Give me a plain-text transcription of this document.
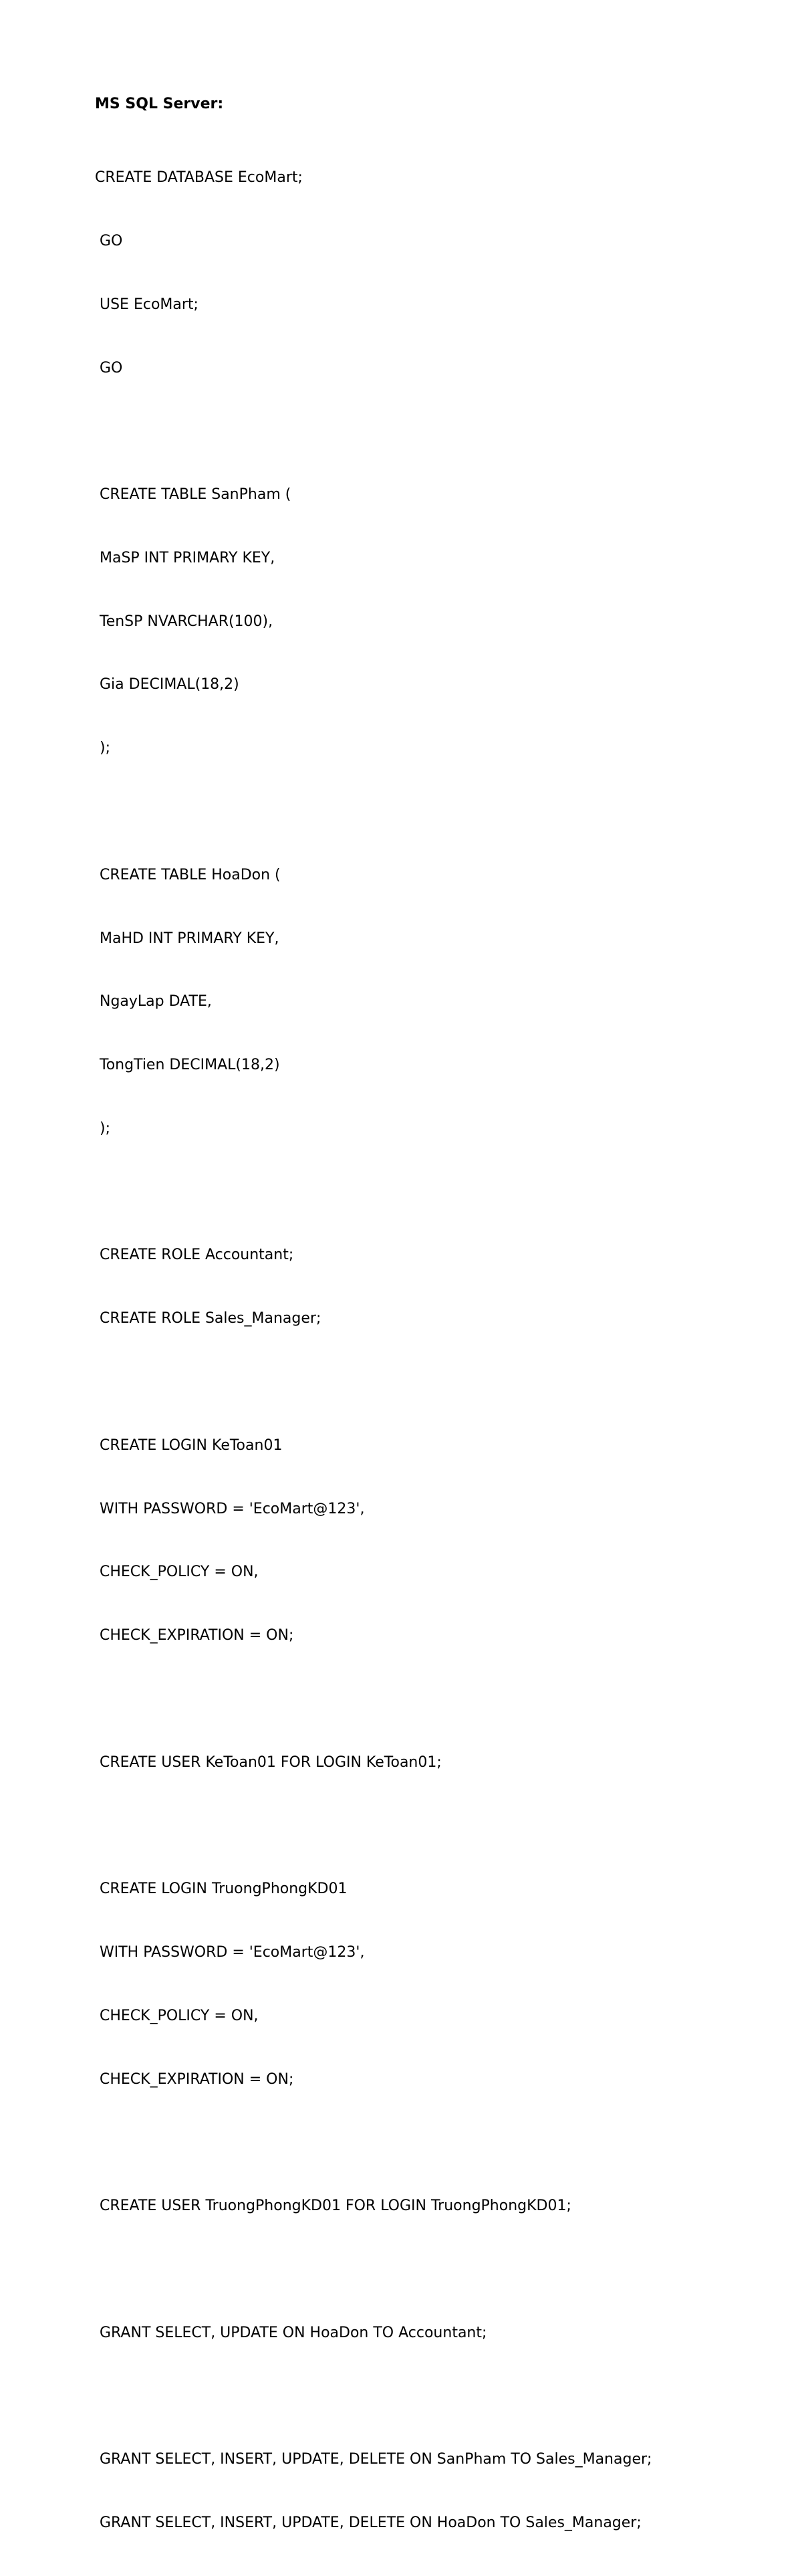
MS SQL Server:

CREATE DATABASE EcoMart;

GO

USE EcoMart;

GO

CREATE TABLE SanPham (

MaSP INT PRIMARY KEY,

TenSP NVARCHAR(100),

Gia DECIMAL(18,2)

);

CREATE TABLE HoaDon (

MaHD INT PRIMARY KEY,

NgayLap DATE,

TongTien DECIMAL(18,2)

);

CREATE ROLE Accountant;

CREATE ROLE Sales_Manager;

CREATE LOGIN KeToan01

WITH PASSWORD = 'EcoMart@123',

CHECK_POLICY = ON,

CHECK_EXPIRATION = ON;

CREATE USER KeToan01 FOR LOGIN KeToan01;

CREATE LOGIN TruongPhongKD01

WITH PASSWORD = 'EcoMart@123',

CHECK_POLICY = ON,

CHECK_EXPIRATION = ON;

CREATE USER TruongPhongKD01 FOR LOGIN TruongPhongKD01;

GRANT SELECT, UPDATE ON HoaDon TO Accountant;

GRANT SELECT, INSERT, UPDATE, DELETE ON SanPham TO Sales_Manager;

GRANT SELECT, INSERT, UPDATE, DELETE ON HoaDon TO Sales_Manager;
